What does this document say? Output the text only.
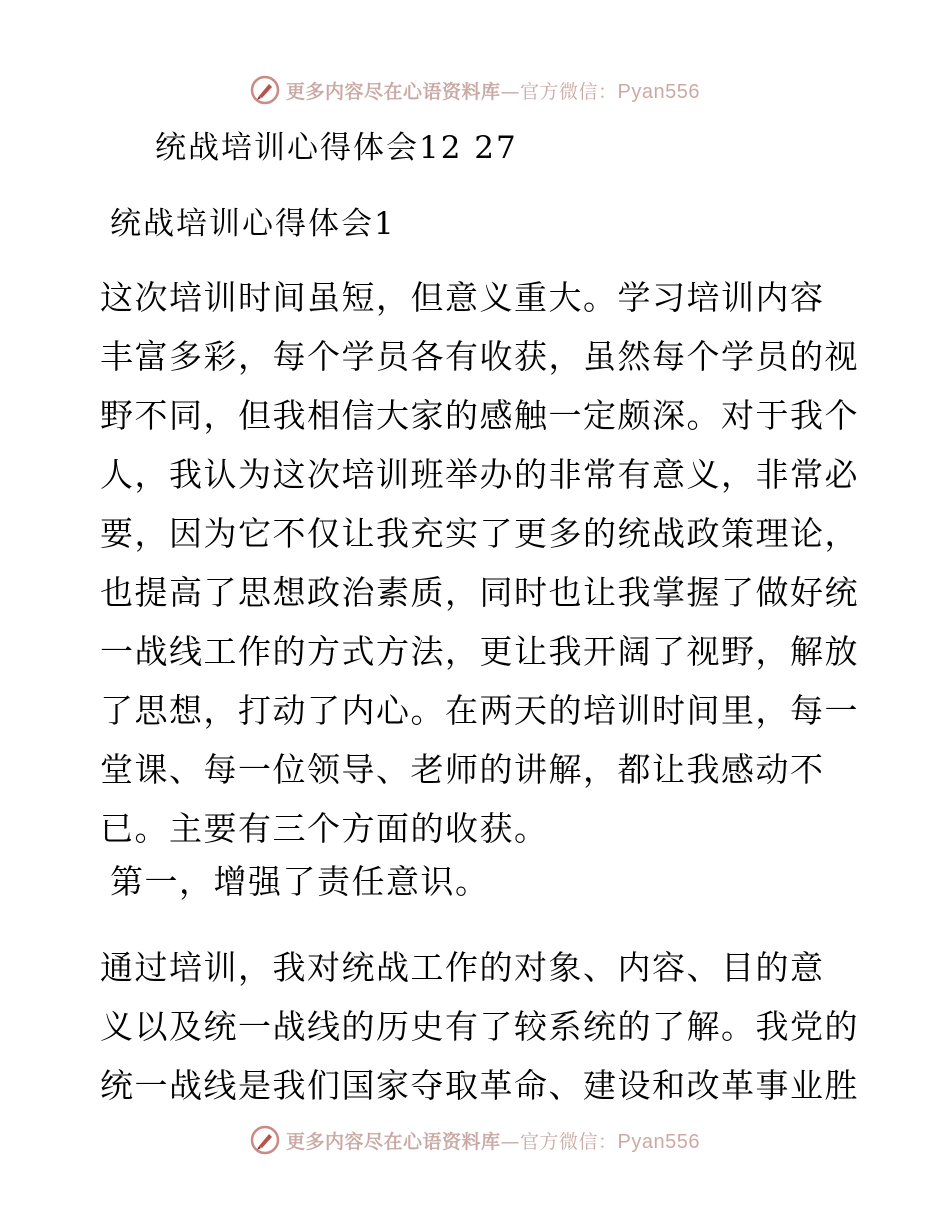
更多内容尽在心语资料库—官方微信：Pyan556
统战培训心得体会12 27
统战培训心得体会1
这次培训时间虽短，但意义重大。学习培训内容
丰富多彩，每个学员各有收获，虽然每个学员的视
野不同，但我相信大家的感触一定颇深。对于我个
人，我认为这次培训班举办的非常有意义，非常必
要，因为它不仅让我充实了更多的统战政策理论，
也提高了思想政治素质，同时也让我掌握了做好统
一战线工作的方式方法，更让我开阔了视野，解放
了思想，打动了内心。在两天的培训时间里，每一
堂课、每一位领导、老师的讲解，都让我感动不
已。主要有三个方面的收获。
第一，增强了责任意识。
通过培训，我对统战工作的对象、内容、目的意
义以及统一战线的历史有了较系统的了解。我党的
统一战线是我们国家夺取革命、建设和改革事业胜
更多内容尽在心语资料库—官方微信：Pyan556
